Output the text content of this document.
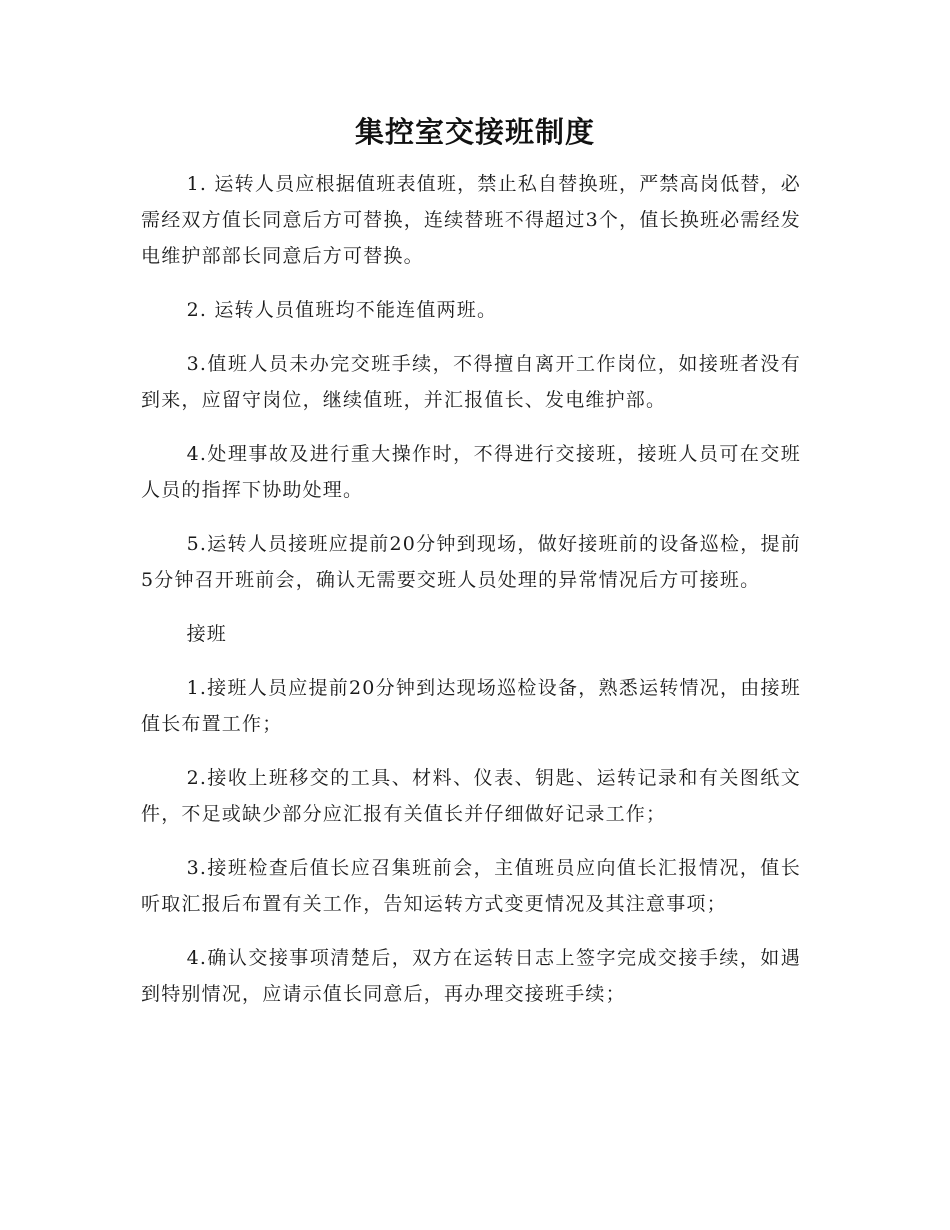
集控室交接班制度

1. 运转人员应根据值班表值班，禁止私自替换班，严禁高岗低替，必需经双方值长同意后方可替换，连续替班不得超过3个，值长换班必需经发电维护部部长同意后方可替换。

2. 运转人员值班均不能连值两班。

3.值班人员未办完交班手续，不得擅自离开工作岗位，如接班者没有到来，应留守岗位，继续值班，并汇报值长、发电维护部。

4.处理事故及进行重大操作时，不得进行交接班，接班人员可在交班人员的指挥下协助处理。

5.运转人员接班应提前20分钟到现场，做好接班前的设备巡检，提前5分钟召开班前会，确认无需要交班人员处理的异常情况后方可接班。

接班

1.接班人员应提前20分钟到达现场巡检设备，熟悉运转情况，由接班值长布置工作；

2.接收上班移交的工具、材料、仪表、钥匙、运转记录和有关图纸文件，不足或缺少部分应汇报有关值长并仔细做好记录工作；

3.接班检查后值长应召集班前会，主值班员应向值长汇报情况，值长听取汇报后布置有关工作，告知运转方式变更情况及其注意事项；

4.确认交接事项清楚后，双方在运转日志上签字完成交接手续，如遇到特别情况，应请示值长同意后，再办理交接班手续；
